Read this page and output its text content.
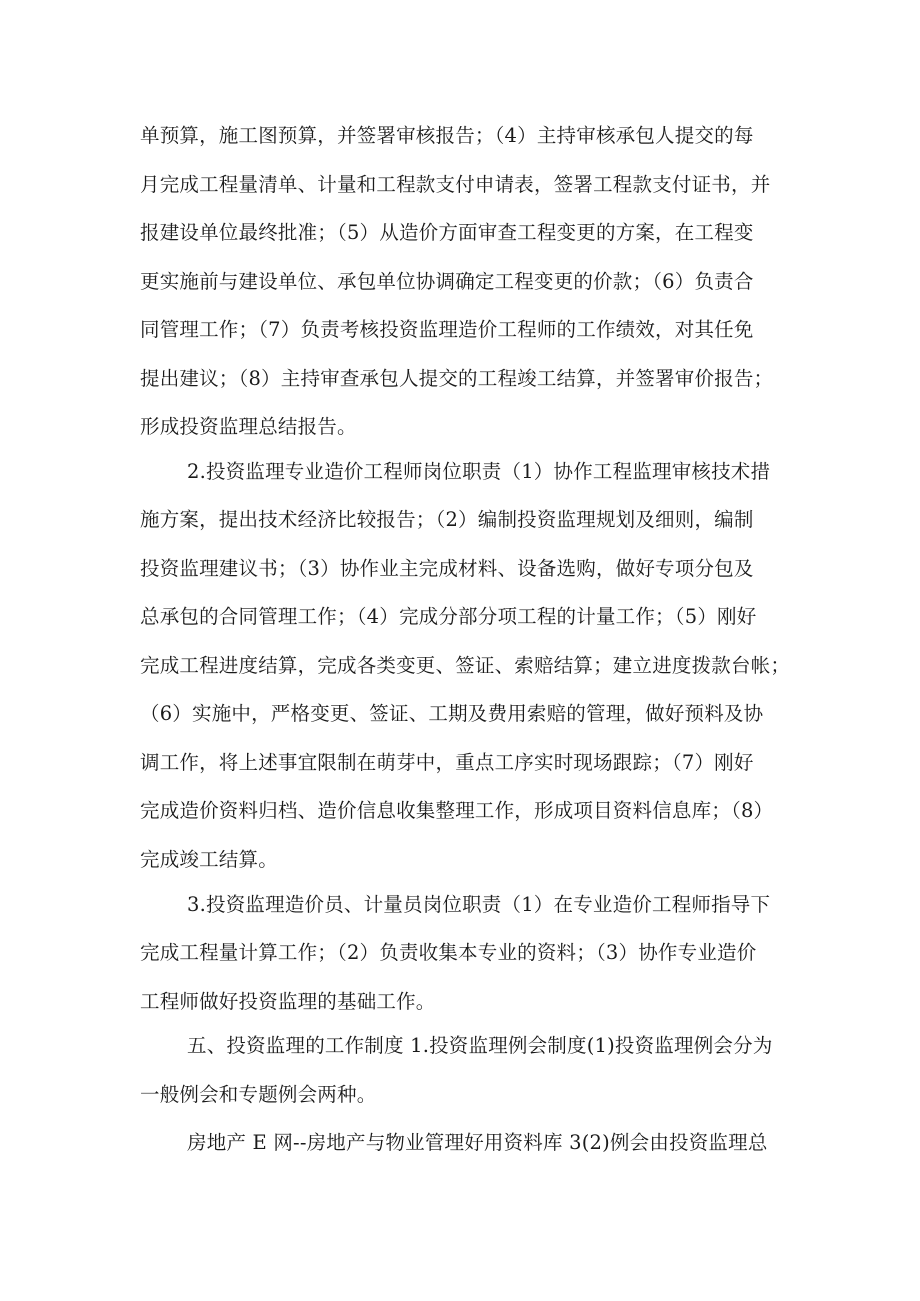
单预算，施工图预算，并签署审核报告；（4）主持审核承包人提交的每
月完成工程量清单、计量和工程款支付申请表，签署工程款支付证书，并
报建设单位最终批准；（5）从造价方面审查工程变更的方案，在工程变
更实施前与建设单位、承包单位协调确定工程变更的价款；（6）负责合
同管理工作；（7）负责考核投资监理造价工程师的工作绩效，对其任免
提出建议；（8）主持审查承包人提交的工程竣工结算，并签署审价报告；
形成投资监理总结报告。
2.投资监理专业造价工程师岗位职责（1）协作工程监理审核技术措
施方案，提出技术经济比较报告；（2）编制投资监理规划及细则，编制
投资监理建议书；（3）协作业主完成材料、设备选购，做好专项分包及
总承包的合同管理工作；（4）完成分部分项工程的计量工作；（5）刚好
完成工程进度结算，完成各类变更、签证、索赔结算；建立进度拨款台帐；
（6）实施中，严格变更、签证、工期及费用索赔的管理，做好预料及协
调工作，将上述事宜限制在萌芽中，重点工序实时现场跟踪；（7）刚好
完成造价资料归档、造价信息收集整理工作，形成项目资料信息库；（8）
完成竣工结算。
3.投资监理造价员、计量员岗位职责（1）在专业造价工程师指导下
完成工程量计算工作；（2）负责收集本专业的资料；（3）协作专业造价
工程师做好投资监理的基础工作。
五、投资监理的工作制度 1.投资监理例会制度(1)投资监理例会分为
一般例会和专题例会两种。
房地产 E 网--房地产与物业管理好用资料库 3(2)例会由投资监理总
